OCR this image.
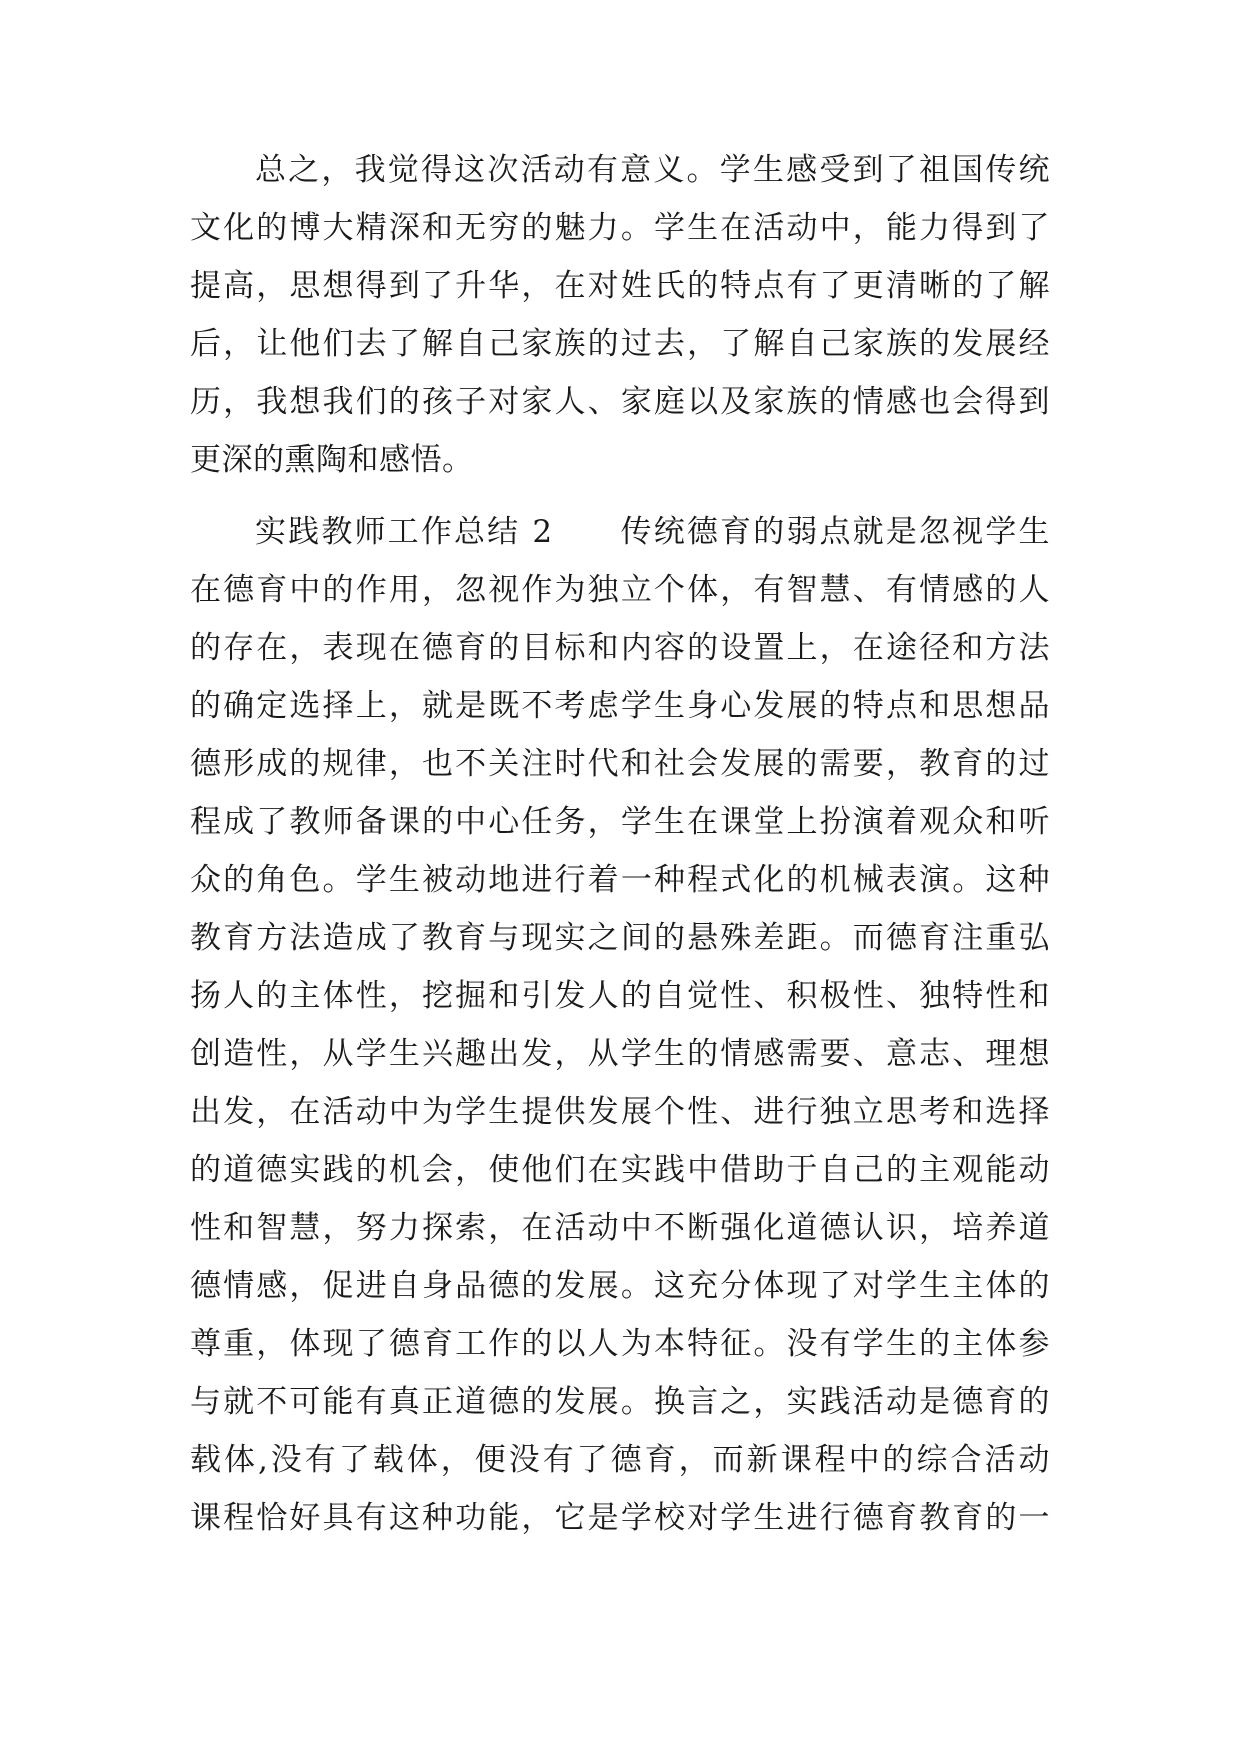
总之，我觉得这次活动有意义。学生感受到了祖国传统
文化的博大精深和无穷的魅力。学生在活动中，能力得到了
提高，思想得到了升华，在对姓氏的特点有了更清晰的了解
后，让他们去了解自己家族的过去，了解自己家族的发展经
历，我想我们的孩子对家人、家庭以及家族的情感也会得到
更深的熏陶和感悟。
实践教师工作总结 2　　传统德育的弱点就是忽视学生
在德育中的作用，忽视作为独立个体，有智慧、有情感的人
的存在，表现在德育的目标和内容的设置上，在途径和方法
的确定选择上，就是既不考虑学生身心发展的特点和思想品
德形成的规律，也不关注时代和社会发展的需要，教育的过
程成了教师备课的中心任务，学生在课堂上扮演着观众和听
众的角色。学生被动地进行着一种程式化的机械表演。这种
教育方法造成了教育与现实之间的悬殊差距。而德育注重弘
扬人的主体性，挖掘和引发人的自觉性、积极性、独特性和
创造性，从学生兴趣出发，从学生的情感需要、意志、理想
出发，在活动中为学生提供发展个性、进行独立思考和选择
的道德实践的机会，使他们在实践中借助于自己的主观能动
性和智慧，努力探索，在活动中不断强化道德认识，培养道
德情感，促进自身品德的发展。这充分体现了对学生主体的
尊重，体现了德育工作的以人为本特征。没有学生的主体参
与就不可能有真正道德的发展。换言之，实践活动是德育的
载体,没有了载体，便没有了德育，而新课程中的综合活动
课程恰好具有这种功能，它是学校对学生进行德育教育的一
